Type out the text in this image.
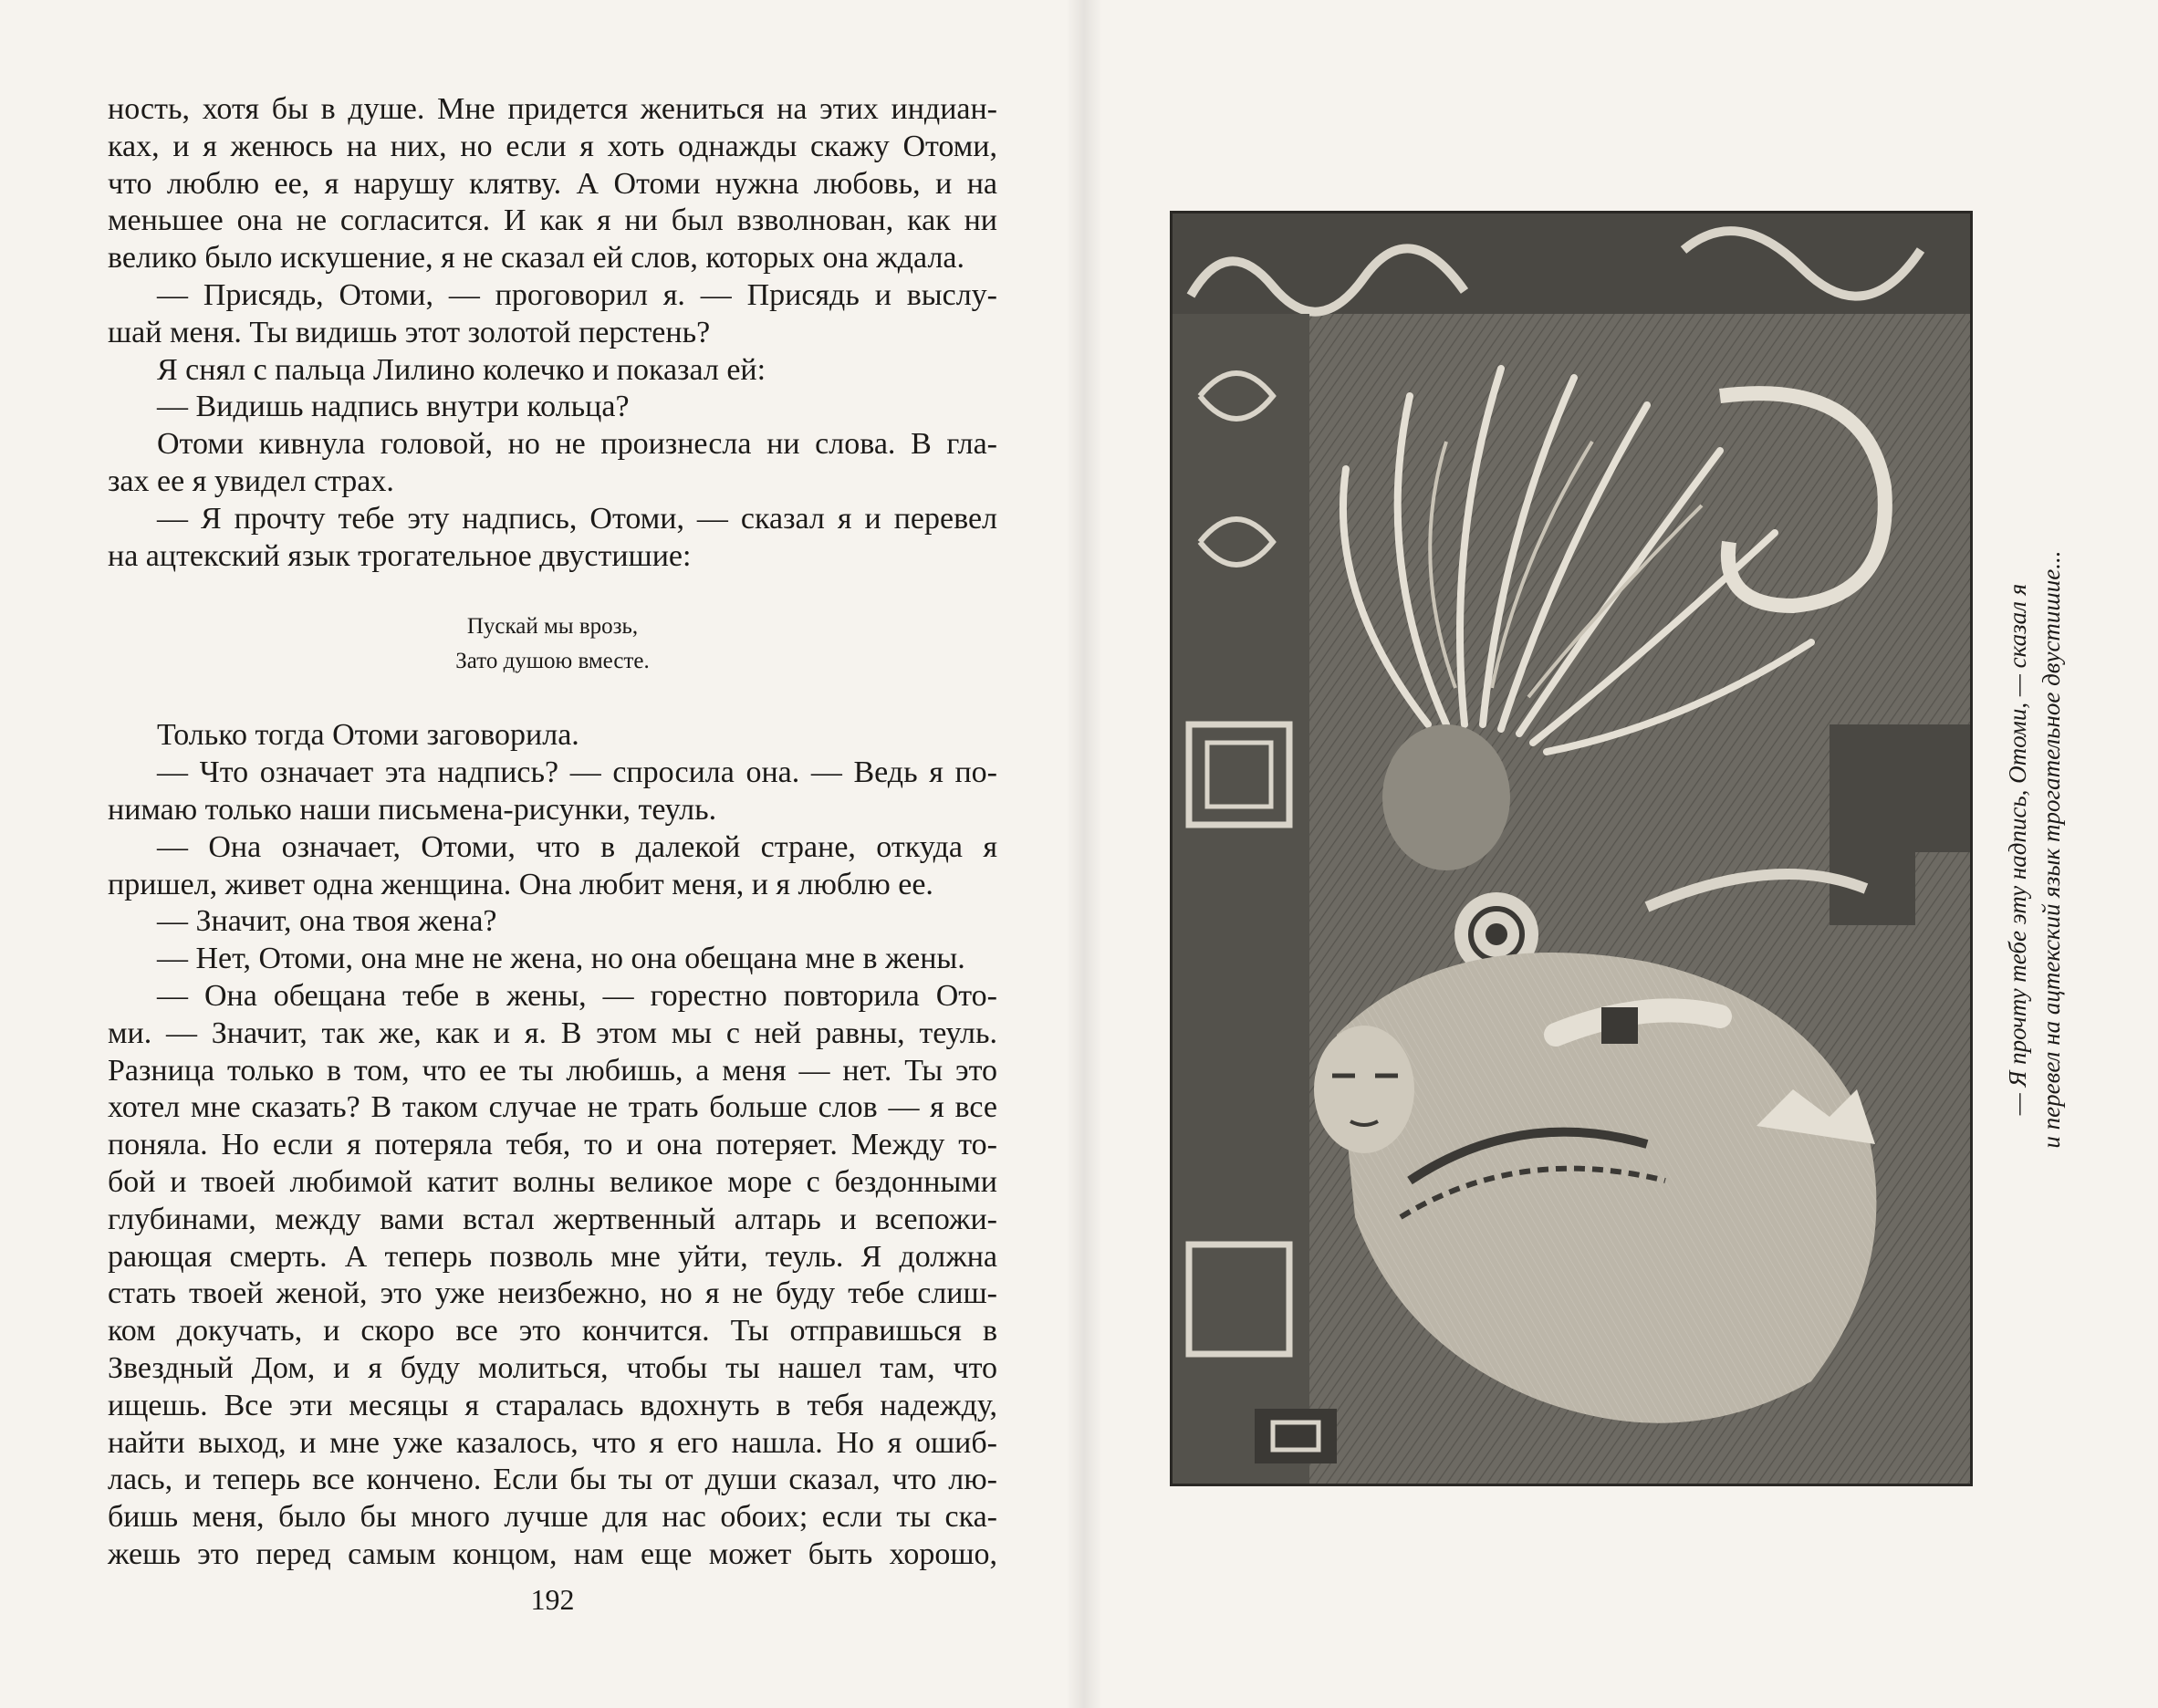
ность, хотя бы в душе. Мне придется жениться на этих индиан-

ках, и я женюсь на них, но если я хоть однажды скажу Отоми,

что люблю ее, я нарушу клятву. А Отоми нужна любовь, и на

меньшее она не согласится. И как я ни был взволнован, как ни

велико было искушение, я не сказал ей слов, которых она ждала.

— Присядь, Отоми, — проговорил я. — Присядь и выслу-

шай меня. Ты видишь этот золотой перстень?

Я снял с пальца Лилино колечко и показал ей:

— Видишь надпись внутри кольца?

Отоми кивнула головой, но не произнесла ни слова. В гла-

зах ее я увидел страх.

— Я прочту тебе эту надпись, Отоми, — сказал я и перевел

на ацтекский язык трогательное двустишие:

Пускай мы врозь,
Зато душою вместе.

Только тогда Отоми заговорила.

— Что означает эта надпись? — спросила она. — Ведь я по-

нимаю только наши письмена-рисунки, теуль.

— Она означает, Отоми, что в далекой стране, откуда я

пришел, живет одна женщина. Она любит меня, и я люблю ее.

— Значит, она твоя жена?

— Нет, Отоми, она мне не жена, но она обещана мне в жены.

— Она обещана тебе в жены, — горестно повторила Ото-

ми. — Значит, так же, как и я. В этом мы с ней равны, теуль.

Разница только в том, что ее ты любишь, а меня — нет. Ты это

хотел мне сказать? В таком случае не трать больше слов — я все

поняла. Но если я потеряла тебя, то и она потеряет. Между то-

бой и твоей любимой катит волны великое море с бездонными

глубинами, между вами встал жертвенный алтарь и всепожи-

рающая смерть. А теперь позволь мне уйти, теуль. Я должна

стать твоей женой, это уже неизбежно, но я не буду тебе слиш-

ком докучать, и скоро все это кончится. Ты отправишься в

Звездный Дом, и я буду молиться, чтобы ты нашел там, что

ищешь. Все эти месяцы я старалась вдохнуть в тебя надежду,

найти выход, и мне уже казалось, что я его нашла. Но я ошиб-

лась, и теперь все кончено. Если бы ты от души сказал, что лю-

бишь меня, было бы много лучше для нас обоих; если ты ска-

жешь это перед самым концом, нам еще может быть хорошо,

192
— Я прочту тебе эту надпись, Отоми, — сказал я и перевел на ацтекский язык трогательное двустишие...
